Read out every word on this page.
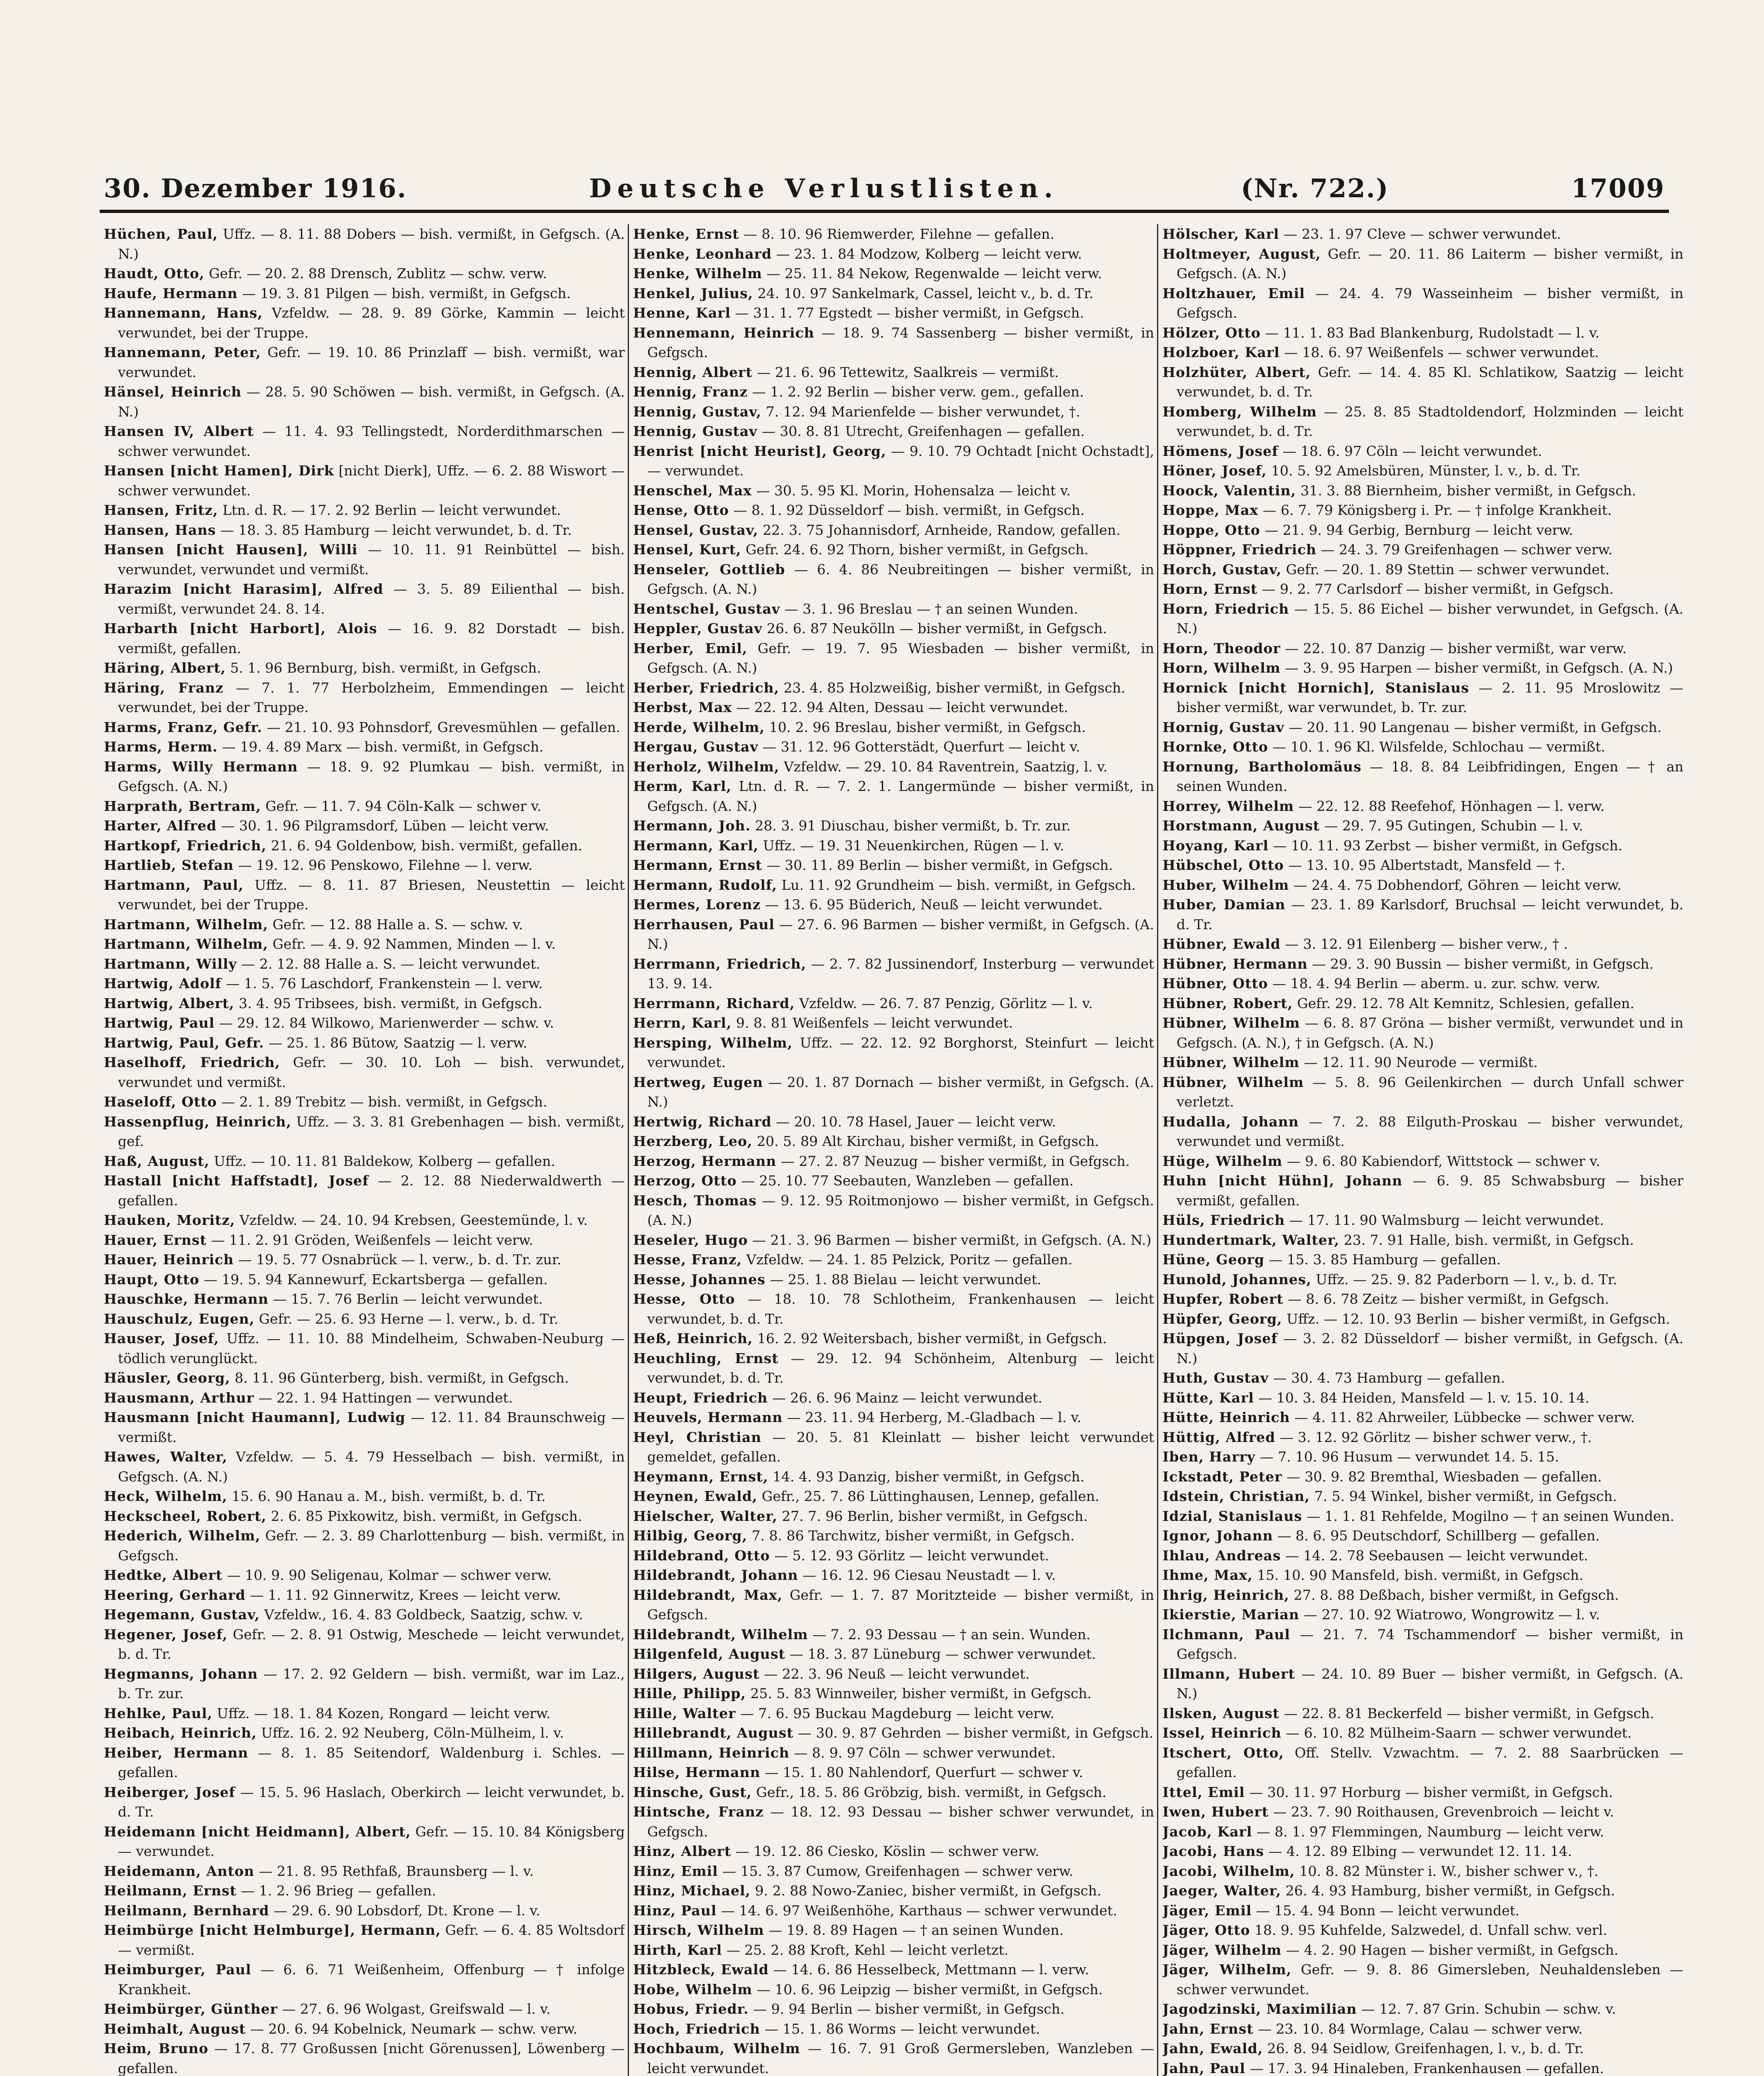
30. Dezember 1916.	Deutsche Verlustlisten.	(Nr. 722.)	17009

Hüchen, Paul, Uffz. — 8. 11. 88 Dobers — bish. vermißt, in Gefgsch. (A. N.)

Haudt, Otto, Gefr. — 20. 2. 88 Drensch, Zublitz — schw. verw.

Haufe, Hermann — 19. 3. 81 Pilgen — bish. vermißt, in Gefgsch.

Hannemann, Hans, Vzfeldw. — 28. 9. 89 Görke, Kammin — leicht verwundet, bei der Truppe.

Hannemann, Peter, Gefr. — 19. 10. 86 Prinzlaff — bish. vermißt, war verwundet.

Hänsel, Heinrich — 28. 5. 90 Schöwen — bish. vermißt, in Gefgsch. (A. N.)

Hansen IV, Albert — 11. 4. 93 Tellingstedt, Norderdithmarschen — schwer verwundet.

Hansen [nicht Hamen], Dirk [nicht Dierk], Uffz. — 6. 2. 88 Wiswort — schwer verwundet.

Hansen, Fritz, Ltn. d. R. — 17. 2. 92 Berlin — leicht verwundet.

Hansen, Hans — 18. 3. 85 Hamburg — leicht verwundet, b. d. Tr.

Hansen [nicht Hausen], Willi — 10. 11. 91 Reinbüttel — bish. verwundet, verwundet und vermißt.

Harazim [nicht Harasim], Alfred — 3. 5. 89 Eilienthal — bish. vermißt, verwundet 24. 8. 14.

Harbarth [nicht Harbort], Alois — 16. 9. 82 Dorstadt — bish. vermißt, gefallen.

Häring, Albert, 5. 1. 96 Bernburg, bish. vermißt, in Gefgsch.

Häring, Franz — 7. 1. 77 Herbolzheim, Emmendingen — leicht verwundet, bei der Truppe.

Harms, Franz, Gefr. — 21. 10. 93 Pohnsdorf, Grevesmühlen — gefallen.

Harms, Herm. — 19. 4. 89 Marx — bish. vermißt, in Gefgsch.

Harms, Willy Hermann — 18. 9. 92 Plumkau — bish. vermißt, in Gefgsch. (A. N.)

Harprath, Bertram, Gefr. — 11. 7. 94 Cöln-Kalk — schwer v.

Harter, Alfred — 30. 1. 96 Pilgramsdorf, Lüben — leicht verw.

Hartkopf, Friedrich, 21. 6. 94 Goldenbow, bish. vermißt, gefallen.

Hartlieb, Stefan — 19. 12. 96 Penskowo, Filehne — l. verw.

Hartmann, Paul, Uffz. — 8. 11. 87 Briesen, Neustettin — leicht verwundet, bei der Truppe.

Hartmann, Wilhelm, Gefr. — 12. 88 Halle a. S. — schw. v.

Hartmann, Wilhelm, Gefr. — 4. 9. 92 Nammen, Minden — l. v.

Hartmann, Willy — 2. 12. 88 Halle a. S. — leicht verwundet.

Hartwig, Adolf — 1. 5. 76 Laschdorf, Frankenstein — l. verw.

Hartwig, Albert, 3. 4. 95 Tribsees, bish. vermißt, in Gefgsch.

Hartwig, Paul — 29. 12. 84 Wilkowo, Marienwerder — schw. v.

Hartwig, Paul, Gefr. — 25. 1. 86 Bütow, Saatzig — l. verw.

Haselhoff, Friedrich, Gefr. — 30. 10. Loh — bish. verwundet, verwundet und vermißt.

Haseloff, Otto — 2. 1. 89 Trebitz — bish. vermißt, in Gefgsch.

Hassenpflug, Heinrich, Uffz. — 3. 3. 81 Grebenhagen — bish. vermißt, gef.

Haß, August, Uffz. — 10. 11. 81 Baldekow, Kolberg — gefallen.

Hastall [nicht Haffstadt], Josef — 2. 12. 88 Niederwaldwerth — gefallen.

Hauken, Moritz, Vzfeldw. — 24. 10. 94 Krebsen, Geestemünde, l. v.

Hauer, Ernst — 11. 2. 91 Gröden, Weißenfels — leicht verw.

Hauer, Heinrich — 19. 5. 77 Osnabrück — l. verw., b. d. Tr. zur.

Haupt, Otto — 19. 5. 94 Kannewurf, Eckartsberga — gefallen.

Hauschke, Hermann — 15. 7. 76 Berlin — leicht verwundet.

Hauschulz, Eugen, Gefr. — 25. 6. 93 Herne — l. verw., b. d. Tr.

Hauser, Josef, Uffz. — 11. 10. 88 Mindelheim, Schwaben-Neuburg — tödlich verunglückt.

Häusler, Georg, 8. 11. 96 Günterberg, bish. vermißt, in Gefgsch.

Hausmann, Arthur — 22. 1. 94 Hattingen — verwundet.

Hausmann [nicht Haumann], Ludwig — 12. 11. 84 Braunschweig — vermißt.

Hawes, Walter, Vzfeldw. — 5. 4. 79 Hesselbach — bish. vermißt, in Gefgsch. (A. N.)

Heck, Wilhelm, 15. 6. 90 Hanau a. M., bish. vermißt, b. d. Tr.

Heckscheel, Robert, 2. 6. 85 Pixkowitz, bish. vermißt, in Gefgsch.

Hederich, Wilhelm, Gefr. — 2. 3. 89 Charlottenburg — bish. vermißt, in Gefgsch.

Hedtke, Albert — 10. 9. 90 Seligenau, Kolmar — schwer verw.

Heering, Gerhard — 1. 11. 92 Ginnerwitz, Krees — leicht verw.

Hegemann, Gustav, Vzfeldw., 16. 4. 83 Goldbeck, Saatzig, schw. v.

Hegener, Josef, Gefr. — 2. 8. 91 Ostwig, Meschede — leicht verwundet, b. d. Tr.

Hegmanns, Johann — 17. 2. 92 Geldern — bish. vermißt, war im Laz., b. Tr. zur.

Hehlke, Paul, Uffz. — 18. 1. 84 Kozen, Rongard — leicht verw.

Heibach, Heinrich, Uffz. 16. 2. 92 Neuberg, Cöln-Mülheim, l. v.

Heiber, Hermann — 8. 1. 85 Seitendorf, Waldenburg i. Schles. — gefallen.

Heiberger, Josef — 15. 5. 96 Haslach, Oberkirch — leicht verwundet, b. d. Tr.

Heidemann [nicht Heidmann], Albert, Gefr. — 15. 10. 84 Königsberg — verwundet.

Heidemann, Anton — 21. 8. 95 Rethfaß, Braunsberg — l. v.

Heilmann, Ernst — 1. 2. 96 Brieg — gefallen.

Heilmann, Bernhard — 29. 6. 90 Lobsdorf, Dt. Krone — l. v.

Heimbürge [nicht Helmburge], Hermann, Gefr. — 6. 4. 85 Woltsdorf — vermißt.

Heimburger, Paul — 6. 6. 71 Weißenheim, Offenburg — † infolge Krankheit.

Heimbürger, Günther — 27. 6. 96 Wolgast, Greifswald — l. v.

Heimhalt, August — 20. 6. 94 Kobelnick, Neumark — schw. verw.

Heim, Bruno — 17. 8. 77 Großussen [nicht Görenussen], Löwenberg — gefallen.

Henke, Ernst — 8. 10. 96 Riemwerder, Filehne — gefallen.

Henke, Leonhard — 23. 1. 84 Modzow, Kolberg — leicht verw.

Henke, Wilhelm — 25. 11. 84 Nekow, Regenwalde — leicht verw.

Henkel, Julius, 24. 10. 97 Sankelmark, Cassel, leicht v., b. d. Tr.

Henne, Karl — 31. 1. 77 Egstedt — bisher vermißt, in Gefgsch.

Hennemann, Heinrich — 18. 9. 74 Sassenberg — bisher vermißt, in Gefgsch.

Hennig, Albert — 21. 6. 96 Tettewitz, Saalkreis — vermißt.

Hennig, Franz — 1. 2. 92 Berlin — bisher verw. gem., gefallen.

Hennig, Gustav, 7. 12. 94 Marienfelde — bisher verwundet, †.

Hennig, Gustav — 30. 8. 81 Utrecht, Greifenhagen — gefallen.

Henrist [nicht Heurist], Georg, — 9. 10. 79 Ochtadt [nicht Ochstadt], — verwundet.

Henschel, Max — 30. 5. 95 Kl. Morin, Hohensalza — leicht v.

Hense, Otto — 8. 1. 92 Düsseldorf — bish. vermißt, in Gefgsch.

Hensel, Gustav, 22. 3. 75 Johannisdorf, Arnheide, Randow, gefallen.

Hensel, Kurt, Gefr. 24. 6. 92 Thorn, bisher vermißt, in Gefgsch.

Henseler, Gottlieb — 6. 4. 86 Neubreitingen — bisher vermißt, in Gefgsch. (A. N.)

Hentschel, Gustav — 3. 1. 96 Breslau — † an seinen Wunden.

Heppler, Gustav 26. 6. 87 Neukölln — bisher vermißt, in Gefgsch.

Herber, Emil, Gefr. — 19. 7. 95 Wiesbaden — bisher vermißt, in Gefgsch. (A. N.)

Herber, Friedrich, 23. 4. 85 Holzweißig, bisher vermißt, in Gefgsch.

Herbst, Max — 22. 12. 94 Alten, Dessau — leicht verwundet.

Herde, Wilhelm, 10. 2. 96 Breslau, bisher vermißt, in Gefgsch.

Hergau, Gustav — 31. 12. 96 Gotterstädt, Querfurt — leicht v.

Herholz, Wilhelm, Vzfeldw. — 29. 10. 84 Raventrein, Saatzig, l. v.

Herm, Karl, Ltn. d. R. — 7. 2. 1. Langermünde — bisher vermißt, in Gefgsch. (A. N.)

Hermann, Joh. 28. 3. 91 Diuschau, bisher vermißt, b. Tr. zur.

Hermann, Karl, Uffz. — 19. 31 Neuenkirchen, Rügen — l. v.

Hermann, Ernst — 30. 11. 89 Berlin — bisher vermißt, in Gefgsch.

Hermann, Rudolf, Lu. 11. 92 Grundheim — bish. vermißt, in Gefgsch.

Hermes, Lorenz — 13. 6. 95 Büderich, Neuß — leicht verwundet.

Herrhausen, Paul — 27. 6. 96 Barmen — bisher vermißt, in Gefgsch. (A. N.)

Herrmann, Friedrich, — 2. 7. 82 Jussinendorf, Insterburg — verwundet 13. 9. 14.

Herrmann, Richard, Vzfeldw. — 26. 7. 87 Penzig, Görlitz — l. v.

Herrn, Karl, 9. 8. 81 Weißenfels — leicht verwundet.

Hersping, Wilhelm, Uffz. — 22. 12. 92 Borghorst, Steinfurt — leicht verwundet.

Hertweg, Eugen — 20. 1. 87 Dornach — bisher vermißt, in Gefgsch. (A. N.)

Hertwig, Richard — 20. 10. 78 Hasel, Jauer — leicht verw.

Herzberg, Leo, 20. 5. 89 Alt Kirchau, bisher vermißt, in Gefgsch.

Herzog, Hermann — 27. 2. 87 Neuzug — bisher vermißt, in Gefgsch.

Herzog, Otto — 25. 10. 77 Seebauten, Wanzleben — gefallen.

Hesch, Thomas — 9. 12. 95 Roitmonjowo — bisher vermißt, in Gefgsch. (A. N.)

Heseler, Hugo — 21. 3. 96 Barmen — bisher vermißt, in Gefgsch. (A. N.)

Hesse, Franz, Vzfeldw. — 24. 1. 85 Pelzick, Poritz — gefallen.

Hesse, Johannes — 25. 1. 88 Bielau — leicht verwundet.

Hesse, Otto — 18. 10. 78 Schlotheim, Frankenhausen — leicht verwundet, b. d. Tr.

Heß, Heinrich, 16. 2. 92 Weitersbach, bisher vermißt, in Gefgsch.

Heuchling, Ernst — 29. 12. 94 Schönheim, Altenburg — leicht verwundet, b. d. Tr.

Heupt, Friedrich — 26. 6. 96 Mainz — leicht verwundet.

Heuvels, Hermann — 23. 11. 94 Herberg, M.-Gladbach — l. v.

Heyl, Christian — 20. 5. 81 Kleinlatt — bisher leicht verwundet gemeldet, gefallen.

Heymann, Ernst, 14. 4. 93 Danzig, bisher vermißt, in Gefgsch.

Heynen, Ewald, Gefr., 25. 7. 86 Lüttinghausen, Lennep, gefallen.

Hielscher, Walter, 27. 7. 96 Berlin, bisher vermißt, in Gefgsch.

Hilbig, Georg, 7. 8. 86 Tarchwitz, bisher vermißt, in Gefgsch.

Hildebrand, Otto — 5. 12. 93 Görlitz — leicht verwundet.

Hildebrandt, Johann — 16. 12. 96 Ciesau Neustadt — l. v.

Hildebrandt, Max, Gefr. — 1. 7. 87 Moritzteide — bisher vermißt, in Gefgsch.

Hildebrandt, Wilhelm — 7. 2. 93 Dessau — † an sein. Wunden.

Hilgenfeld, August — 18. 3. 87 Lüneburg — schwer verwundet.

Hilgers, August — 22. 3. 96 Neuß — leicht verwundet.

Hille, Philipp, 25. 5. 83 Winnweiler, bisher vermißt, in Gefgsch.

Hille, Walter — 7. 6. 95 Buckau Magdeburg — leicht verw.

Hillebrandt, August — 30. 9. 87 Gehrden — bisher vermißt, in Gefgsch.

Hillmann, Heinrich — 8. 9. 97 Cöln — schwer verwundet.

Hilse, Hermann — 15. 1. 80 Nahlendorf, Querfurt — schwer v.

Hinsche, Gust, Gefr., 18. 5. 86 Gröbzig, bish. vermißt, in Gefgsch.

Hintsche, Franz — 18. 12. 93 Dessau — bisher schwer verwundet, in Gefgsch.

Hinz, Albert — 19. 12. 86 Ciesko, Köslin — schwer verw.

Hinz, Emil — 15. 3. 87 Cumow, Greifenhagen — schwer verw.

Hinz, Michael, 9. 2. 88 Nowo-Zaniec, bisher vermißt, in Gefgsch.

Hinz, Paul — 14. 6. 97 Weißenhöhe, Karthaus — schwer verwundet.

Hirsch, Wilhelm — 19. 8. 89 Hagen — † an seinen Wunden.

Hirth, Karl — 25. 2. 88 Kroft, Kehl — leicht verletzt.

Hitzbleck, Ewald — 14. 6. 86 Hesselbeck, Mettmann — l. verw.

Hobe, Wilhelm — 10. 6. 96 Leipzig — bisher vermißt, in Gefgsch.

Hobus, Friedr. — 9. 94 Berlin — bisher vermißt, in Gefgsch.

Hoch, Friedrich — 15. 1. 86 Worms — leicht verwundet.

Hochbaum, Wilhelm — 16. 7. 91 Groß Germersleben, Wanzleben — leicht verwundet.

Hölscher, Karl — 23. 1. 97 Cleve — schwer verwundet.

Holtmeyer, August, Gefr. — 20. 11. 86 Laiterm — bisher vermißt, in Gefgsch. (A. N.)

Holtzhauer, Emil — 24. 4. 79 Wasseinheim — bisher vermißt, in Gefgsch.

Hölzer, Otto — 11. 1. 83 Bad Blankenburg, Rudolstadt — l. v.

Holzboer, Karl — 18. 6. 97 Weißenfels — schwer verwundet.

Holzhüter, Albert, Gefr. — 14. 4. 85 Kl. Schlatikow, Saatzig — leicht verwundet, b. d. Tr.

Homberg, Wilhelm — 25. 8. 85 Stadtoldendorf, Holzminden — leicht verwundet, b. d. Tr.

Hömens, Josef — 18. 6. 97 Cöln — leicht verwundet.

Höner, Josef, 10. 5. 92 Amelsbüren, Münster, l. v., b. d. Tr.

Hoock, Valentin, 31. 3. 88 Biernheim, bisher vermißt, in Gefgsch.

Hoppe, Max — 6. 7. 79 Königsberg i. Pr. — † infolge Krankheit.

Hoppe, Otto — 21. 9. 94 Gerbig, Bernburg — leicht verw.

Höppner, Friedrich — 24. 3. 79 Greifenhagen — schwer verw.

Horch, Gustav, Gefr. — 20. 1. 89 Stettin — schwer verwundet.

Horn, Ernst — 9. 2. 77 Carlsdorf — bisher vermißt, in Gefgsch.

Horn, Friedrich — 15. 5. 86 Eichel — bisher verwundet, in Gefgsch. (A. N.)

Horn, Theodor — 22. 10. 87 Danzig — bisher vermißt, war verw.

Horn, Wilhelm — 3. 9. 95 Harpen — bisher vermißt, in Gefgsch. (A. N.)

Hornick [nicht Hornich], Stanislaus — 2. 11. 95 Mroslowitz — bisher vermißt, war verwundet, b. Tr. zur.

Hornig, Gustav — 20. 11. 90 Langenau — bisher vermißt, in Gefgsch.

Hornke, Otto — 10. 1. 96 Kl. Wilsfelde, Schlochau — vermißt.

Hornung, Bartholomäus — 18. 8. 84 Leibfridingen, Engen — † an seinen Wunden.

Horrey, Wilhelm — 22. 12. 88 Reefehof, Hönhagen — l. verw.

Horstmann, August — 29. 7. 95 Gutingen, Schubin — l. v.

Hoyang, Karl — 10. 11. 93 Zerbst — bisher vermißt, in Gefgsch.

Hübschel, Otto — 13. 10. 95 Albertstadt, Mansfeld — †.

Huber, Wilhelm — 24. 4. 75 Dobhendorf, Göhren — leicht verw.

Huber, Damian — 23. 1. 89 Karlsdorf, Bruchsal — leicht verwundet, b. d. Tr.

Hübner, Ewald — 3. 12. 91 Eilenberg — bisher verw., † .

Hübner, Hermann — 29. 3. 90 Bussin — bisher vermißt, in Gefgsch.

Hübner, Otto — 18. 4. 94 Berlin — aberm. u. zur. schw. verw.

Hübner, Robert, Gefr. 29. 12. 78 Alt Kemnitz, Schlesien, gefallen.

Hübner, Wilhelm — 6. 8. 87 Gröna — bisher vermißt, verwundet und in Gefgsch. (A. N.), † in Gefgsch. (A. N.)

Hübner, Wilhelm — 12. 11. 90 Neurode — vermißt.

Hübner, Wilhelm — 5. 8. 96 Geilenkirchen — durch Unfall schwer verletzt.

Hudalla, Johann — 7. 2. 88 Eilguth-Proskau — bisher verwundet, verwundet und vermißt.

Hüge, Wilhelm — 9. 6. 80 Kabiendorf, Wittstock — schwer v.

Huhn [nicht Hühn], Johann — 6. 9. 85 Schwabsburg — bisher vermißt, gefallen.

Hüls, Friedrich — 17. 11. 90 Walmsburg — leicht verwundet.

Hundertmark, Walter, 23. 7. 91 Halle, bish. vermißt, in Gefgsch.

Hüne, Georg — 15. 3. 85 Hamburg — gefallen.

Hunold, Johannes, Uffz. — 25. 9. 82 Paderborn — l. v., b. d. Tr.

Hupfer, Robert — 8. 6. 78 Zeitz — bisher vermißt, in Gefgsch.

Hüpfer, Georg, Uffz. — 12. 10. 93 Berlin — bisher vermißt, in Gefgsch.

Hüpgen, Josef — 3. 2. 82 Düsseldorf — bisher vermißt, in Gefgsch. (A. N.)

Huth, Gustav — 30. 4. 73 Hamburg — gefallen.

Hütte, Karl — 10. 3. 84 Heiden, Mansfeld — l. v. 15. 10. 14.

Hütte, Heinrich — 4. 11. 82 Ahrweiler, Lübbecke — schwer verw.

Hüttig, Alfred — 3. 12. 92 Görlitz — bisher schwer verw., †.

Iben, Harry — 7. 10. 96 Husum — verwundet 14. 5. 15.

Ickstadt, Peter — 30. 9. 82 Bremthal, Wiesbaden — gefallen.

Idstein, Christian, 7. 5. 94 Winkel, bisher vermißt, in Gefgsch.

Idzial, Stanislaus — 1. 1. 81 Rehfelde, Mogilno — † an seinen Wunden.

Ignor, Johann — 8. 6. 95 Deutschdorf, Schillberg — gefallen.

Ihlau, Andreas — 14. 2. 78 Seebausen — leicht verwundet.

Ihme, Max, 15. 10. 90 Mansfeld, bish. vermißt, in Gefgsch.

Ihrig, Heinrich, 27. 8. 88 Deßbach, bisher vermißt, in Gefgsch.

Ikierstie, Marian — 27. 10. 92 Wiatrowo, Wongrowitz — l. v.

Ilchmann, Paul — 21. 7. 74 Tschammendorf — bisher vermißt, in Gefgsch.

Illmann, Hubert — 24. 10. 89 Buer — bisher vermißt, in Gefgsch. (A. N.)

Ilsken, August — 22. 8. 81 Beckerfeld — bisher vermißt, in Gefgsch.

Issel, Heinrich — 6. 10. 82 Mülheim-Saarn — schwer verwundet.

Itschert, Otto, Off. Stellv. Vzwachtm. — 7. 2. 88 Saarbrücken — gefallen.

Ittel, Emil — 30. 11. 97 Horburg — bisher vermißt, in Gefgsch.

Iwen, Hubert — 23. 7. 90 Roithausen, Grevenbroich — leicht v.

Jacob, Karl — 8. 1. 97 Flemmingen, Naumburg — leicht verw.

Jacobi, Hans — 4. 12. 89 Elbing — verwundet 12. 11. 14.

Jacobi, Wilhelm, 10. 8. 82 Münster i. W., bisher schwer v., †.

Jaeger, Walter, 26. 4. 93 Hamburg, bisher vermißt, in Gefgsch.

Jäger, Emil — 15. 4. 94 Bonn — leicht verwundet.

Jäger, Otto 18. 9. 95 Kuhfelde, Salzwedel, d. Unfall schw. verl.

Jäger, Wilhelm — 4. 2. 90 Hagen — bisher vermißt, in Gefgsch.

Jäger, Wilhelm, Gefr. — 9. 8. 86 Gimersleben, Neuhaldensleben — schwer verwundet.

Jagodzinski, Maximilian — 12. 7. 87 Grin. Schubin — schw. v.

Jahn, Ernst — 23. 10. 84 Wormlage, Calau — schwer verw.

Jahn, Ewald, 26. 8. 94 Seidlow, Greifenhagen, l. v., b. d. Tr.

Jahn, Paul — 17. 3. 94 Hinaleben, Frankenhausen — gefallen.
